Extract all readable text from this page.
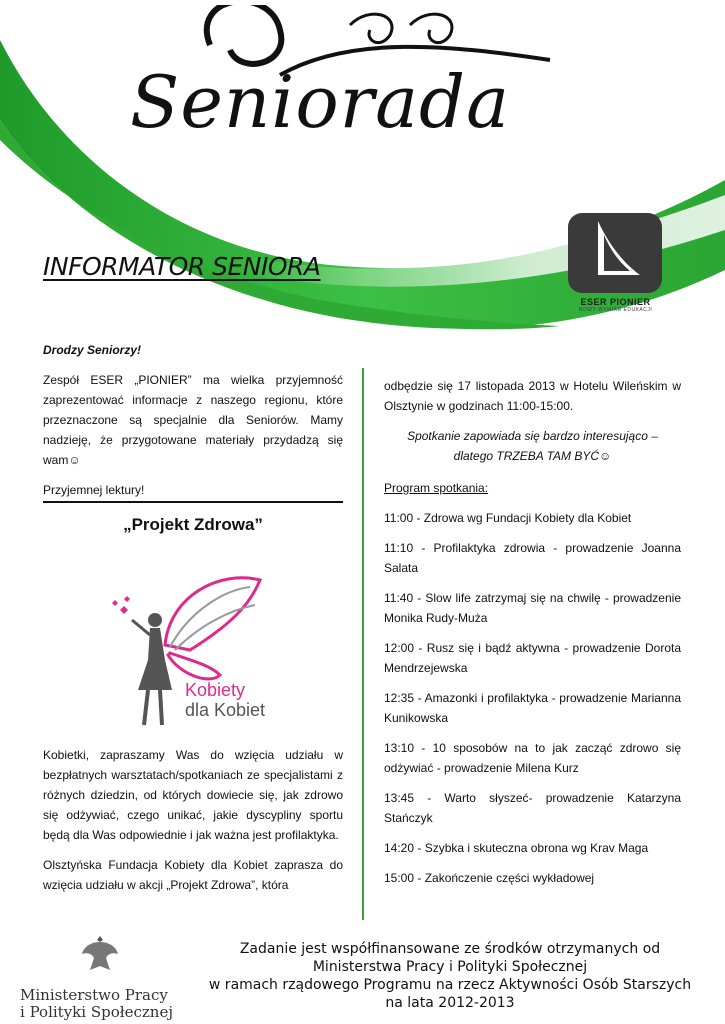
Seniorada
INFORMATOR SENIORA
ESER PIONIER
NOWY WYMIAR EDUKACJI

Drodzy Seniorzy!

Zespół ESER „PIONIER” ma wielka przyjemność zaprezentować informacje z naszego regionu, które przeznaczone są specjalnie dla Seniorów. Mamy nadzieję, że przygotowane materiały przydadzą się wam☺

Przyjemnej lektury!

„Projekt Zdrowa”
Kobiety
dla Kobiet

Kobietki, zapraszamy Was do wzięcia udziału w bezpłatnych warsztatach/spotkaniach ze specjalistami z różnych dziedzin, od których dowiecie się, jak zdrowo się odżywiać, czego unikać, jakie dyscypliny sportu będą dla Was odpowiednie i jak ważna jest profilaktyka.

Olsztyńska Fundacja Kobiety dla Kobiet zaprasza do wzięcia udziału w akcji „Projekt Zdrowa”, która

odbędzie się 17 listopada 2013 w Hotelu Wileńskim w Olsztynie w godzinach 11:00-15:00.

Spotkanie zapowiada się bardzo interesująco –
dlatego TRZEBA TAM BYĆ☺
Program spotkania:

11:00 - Zdrowa wg Fundacji Kobiety dla Kobiet

11:10 - Profilaktyka zdrowia - prowadzenie Joanna Salata

11:40 - Slow life zatrzymaj się na chwilę - prowadzenie Monika Rudy-Muża

12:00 - Rusz się i bądź aktywna - prowadzenie Dorota Mendrzejewska

12:35 - Amazonki i profilaktyka - prowadzenie Marianna Kunikowska

13:10 - 10 sposobów na to jak zacząć zdrowo się odżywiać - prowadzenie Milena Kurz

13:45 - Warto słyszeć- prowadzenie Katarzyna Stańczyk

14:20 - Szybka i skuteczna obrona wg Krav Maga

15:00 - Zakończenie części wykładowej

Ministerstwo Pracy
i Polityki Społecznej
Zadanie jest współfinansowane ze środków otrzymanych od
Ministerstwa Pracy i Polityki Społecznej
w ramach rządowego Programu na rzecz Aktywności Osób Starszych
na lata 2012-2013
